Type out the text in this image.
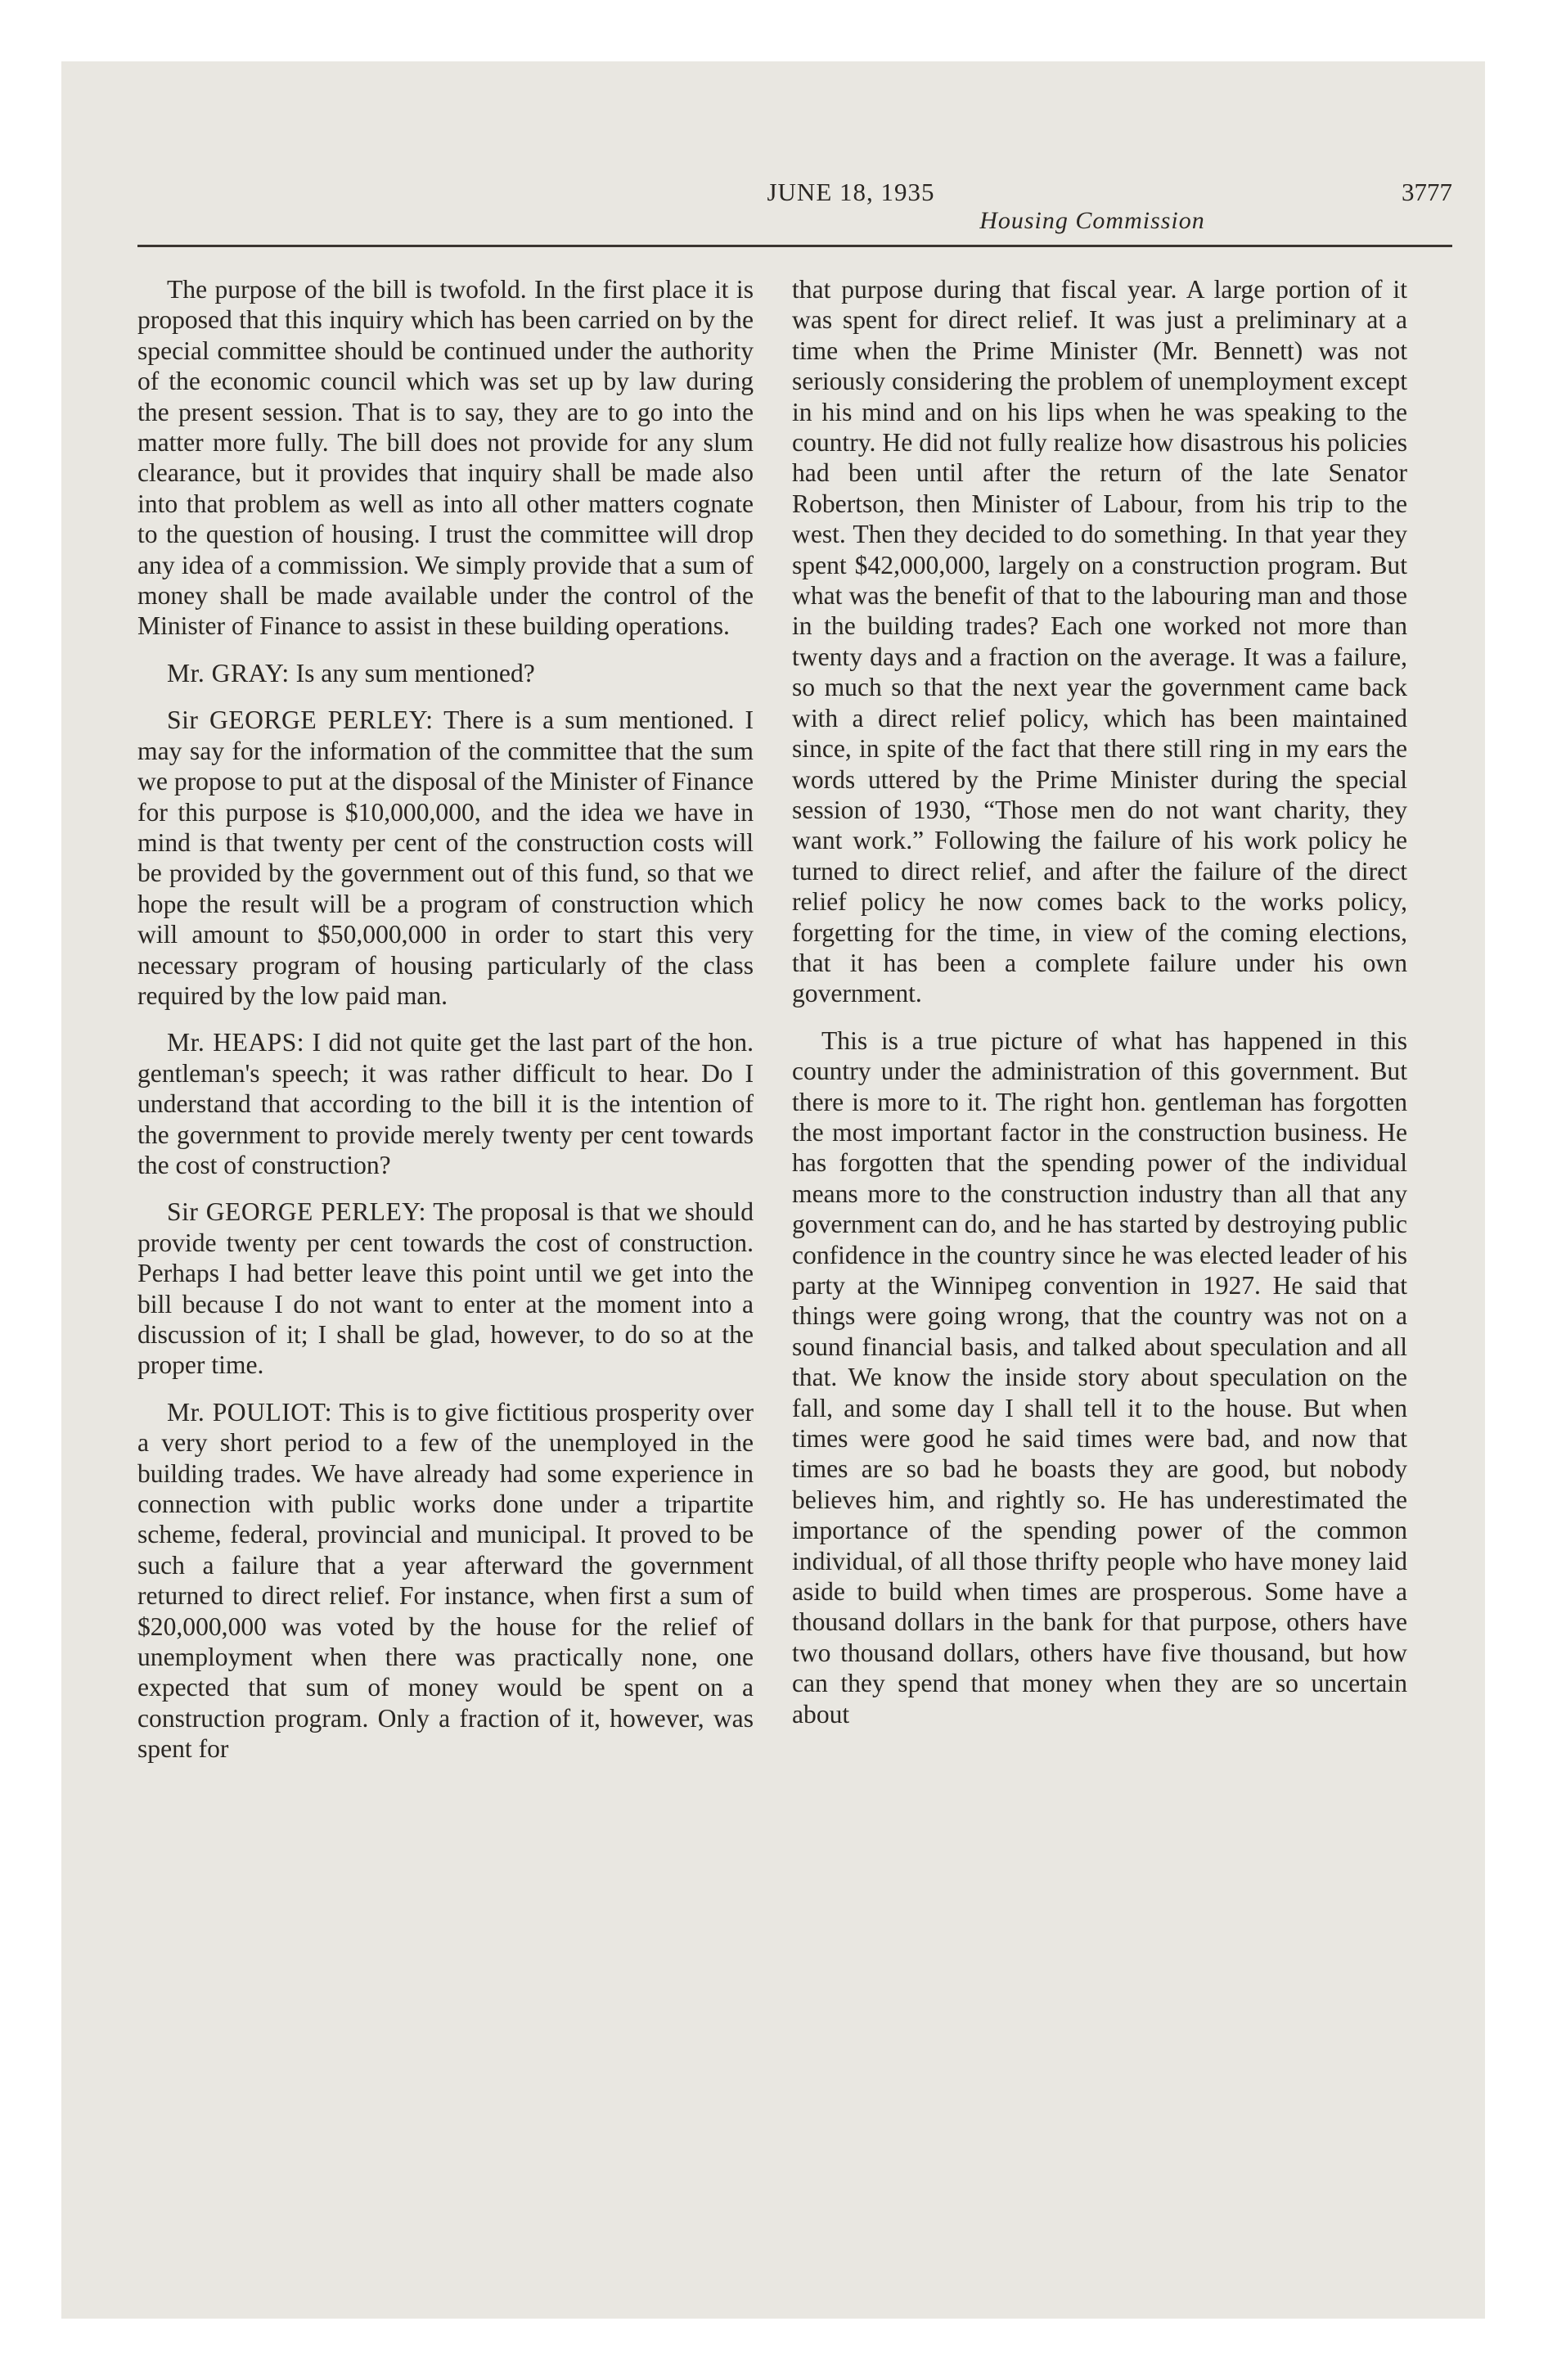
JUNE 18, 1935	3777
Housing Commission

The purpose of the bill is twofold. In the first place it is proposed that this inquiry which has been carried on by the special committee should be continued under the authority of the economic council which was set up by law during the present session. That is to say, they are to go into the matter more fully. The bill does not provide for any slum clearance, but it provides that inquiry shall be made also into that problem as well as into all other matters cognate to the question of housing. I trust the committee will drop any idea of a commission. We simply provide that a sum of money shall be made available under the control of the Minister of Finance to assist in these building operations.

Mr. GRAY: Is any sum mentioned?

Sir GEORGE PERLEY: There is a sum mentioned. I may say for the information of the committee that the sum we propose to put at the disposal of the Minister of Finance for this purpose is $10,000,000, and the idea we have in mind is that twenty per cent of the construction costs will be provided by the government out of this fund, so that we hope the result will be a program of construction which will amount to $50,000,000 in order to start this very necessary program of housing particularly of the class required by the low paid man.

Mr. HEAPS: I did not quite get the last part of the hon. gentleman's speech; it was rather difficult to hear. Do I understand that according to the bill it is the intention of the government to provide merely twenty per cent towards the cost of construction?

Sir GEORGE PERLEY: The proposal is that we should provide twenty per cent towards the cost of construction. Perhaps I had better leave this point until we get into the bill because I do not want to enter at the moment into a discussion of it; I shall be glad, however, to do so at the proper time.

Mr. POULIOT: This is to give fictitious prosperity over a very short period to a few of the unemployed in the building trades. We have already had some experience in connection with public works done under a tripartite scheme, federal, provincial and municipal. It proved to be such a failure that a year afterward the government returned to direct relief. For instance, when first a sum of $20,000,000 was voted by the house for the relief of unemployment when there was practically none, one expected that sum of money would be spent on a construction program. Only a fraction of it, however, was spent for

that purpose during that fiscal year. A large portion of it was spent for direct relief. It was just a preliminary at a time when the Prime Minister (Mr. Bennett) was not seriously considering the problem of unemployment except in his mind and on his lips when he was speaking to the country. He did not fully realize how disastrous his policies had been until after the return of the late Senator Robertson, then Minister of Labour, from his trip to the west. Then they decided to do something. In that year they spent $42,000,000, largely on a construction program. But what was the benefit of that to the labouring man and those in the building trades? Each one worked not more than twenty days and a fraction on the average. It was a failure, so much so that the next year the government came back with a direct relief policy, which has been maintained since, in spite of the fact that there still ring in my ears the words uttered by the Prime Minister during the special session of 1930, “Those men do not want charity, they want work.” Following the failure of his work policy he turned to direct relief, and after the failure of the direct relief policy he now comes back to the works policy, forgetting for the time, in view of the coming elections, that it has been a complete failure under his own government.

This is a true picture of what has happened in this country under the administration of this government. But there is more to it. The right hon. gentleman has forgotten the most important factor in the construction business. He has forgotten that the spending power of the individual means more to the construction industry than all that any government can do, and he has started by destroying public confidence in the country since he was elected leader of his party at the Winnipeg convention in 1927. He said that things were going wrong, that the country was not on a sound financial basis, and talked about speculation and all that. We know the inside story about speculation on the fall, and some day I shall tell it to the house. But when times were good he said times were bad, and now that times are so bad he boasts they are good, but nobody believes him, and rightly so. He has underestimated the importance of the spending power of the common individual, of all those thrifty people who have money laid aside to build when times are prosperous. Some have a thousand dollars in the bank for that purpose, others have two thousand dollars, others have five thousand, but how can they spend that money when they are so uncertain about
